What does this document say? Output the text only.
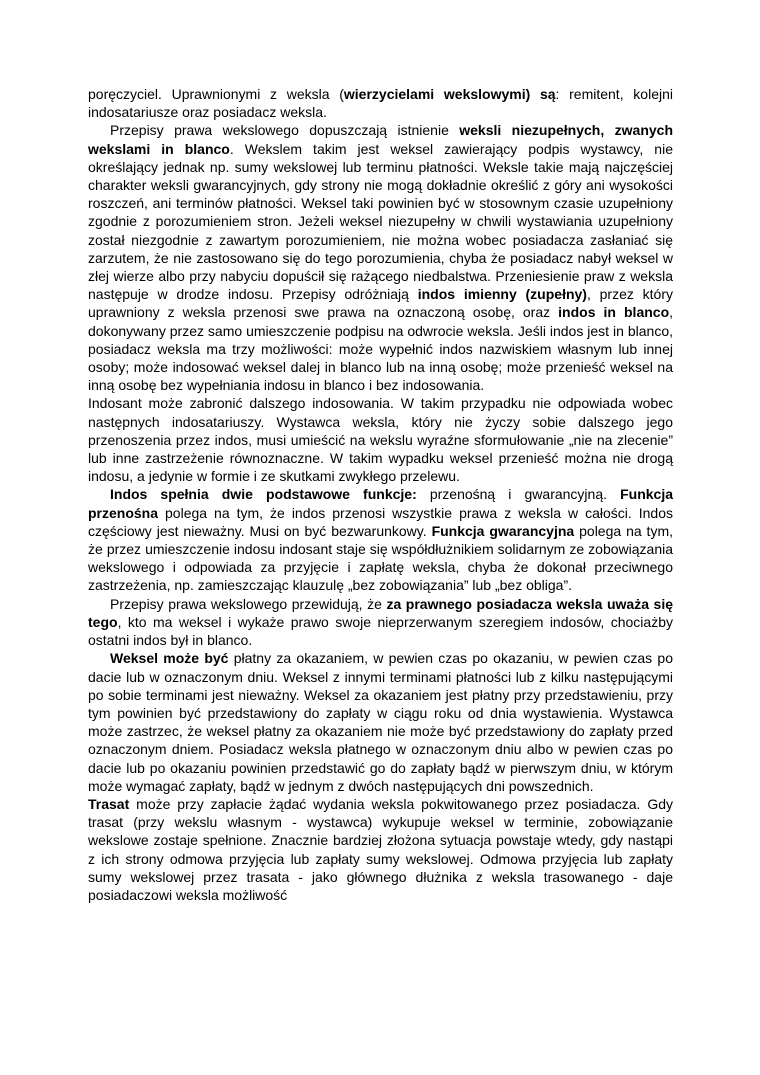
poręczyciel. Uprawnionymi z weksla (wierzycielami wekslowymi) są: remitent, kolejni indosatariusze oraz posiadacz weksla.

Przepisy prawa wekslowego dopuszczają istnienie weksli niezupełnych, zwanych wekslami in blanco. Wekslem takim jest weksel zawierający podpis wystawcy, nie określający jednak np. sumy wekslowej lub terminu płatności. Weksle takie mają najczęściej charakter weksli gwarancyjnych, gdy strony nie mogą dokładnie określić z góry ani wysokości roszczeń, ani terminów płatności. Weksel taki powinien być w stosownym czasie uzupełniony zgodnie z porozumieniem stron. Jeżeli weksel niezupełny w chwili wystawiania uzupełniony został niezgodnie z zawartym porozumieniem, nie można wobec posiadacza zasłaniać się zarzutem, że nie zastosowano się do tego porozumienia, chyba że posiadacz nabył weksel w złej wierze albo przy nabyciu dopuścił się rażącego niedbalstwa. Przeniesienie praw z weksla następuje w drodze indosu. Przepisy odróżniają indos imienny (zupełny), przez który uprawniony z weksla przenosi swe prawa na oznaczoną osobę, oraz indos in blanco, dokonywany przez samo umieszczenie podpisu na odwrocie weksla. Jeśli indos jest in blanco, posiadacz weksla ma trzy możliwości: może wypełnić indos nazwiskiem własnym lub innej osoby; może indosować weksel dalej in blanco lub na inną osobę; może przenieść weksel na inną osobę bez wypełniania indosu in blanco i bez indosowania.

Indosant może zabronić dalszego indosowania. W takim przypadku nie odpowiada wobec następnych indosatariuszy. Wystawca weksla, który nie życzy sobie dalszego jego przenoszenia przez indos, musi umieścić na wekslu wyraźne sformułowanie „nie na zlecenie” lub inne zastrzeżenie równoznaczne. W takim wypadku weksel przenieść można nie drogą indosu, a jedynie w formie i ze skutkami zwykłego przelewu.

Indos spełnia dwie podstawowe funkcje: przenośną i gwarancyjną. Funkcja przenośna polega na tym, że indos przenosi wszystkie prawa z weksla w całości. Indos częściowy jest nieważny. Musi on być bezwarunkowy. Funkcja gwarancyjna polega na tym, że przez umieszczenie indosu indosant staje się współdłużnikiem solidarnym ze zobowiązania wekslowego i odpowiada za przyjęcie i zapłatę weksla, chyba że dokonał przeciwnego zastrzeżenia, np. zamieszczając klauzulę „bez zobowiązania” lub „bez obliga”.

Przepisy prawa wekslowego przewidują, że za prawnego posiadacza weksla uważa się tego, kto ma weksel i wykaże prawo swoje nieprzerwanym szeregiem indosów, chociażby ostatni indos był in blanco.

Weksel może być płatny za okazaniem, w pewien czas po okazaniu, w pewien czas po dacie lub w oznaczonym dniu. Weksel z innymi terminami płatności lub z kilku następującymi po sobie terminami jest nieważny. Weksel za okazaniem jest płatny przy przedstawieniu, przy tym powinien być przedstawiony do zapłaty w ciągu roku od dnia wystawienia. Wystawca może zastrzec, że weksel płatny za okazaniem nie może być przedstawiony do zapłaty przed oznaczonym dniem. Posiadacz weksla płatnego w oznaczonym dniu albo w pewien czas po dacie lub po okazaniu powinien przedstawić go do zapłaty bądź w pierwszym dniu, w którym może wymagać zapłaty, bądź w jednym z dwóch następujących dni powszednich.

Trasat może przy zapłacie żądać wydania weksla pokwitowanego przez posiadacza. Gdy trasat (przy wekslu własnym - wystawca) wykupuje weksel w terminie, zobowiązanie wekslowe zostaje spełnione. Znacznie bardziej złożona sytuacja powstaje wtedy, gdy nastąpi z ich strony odmowa przyjęcia lub zapłaty sumy wekslowej. Odmowa przyjęcia lub zapłaty sumy wekslowej przez trasata - jako głównego dłużnika z weksla trasowanego - daje posiadaczowi weksla możliwość
